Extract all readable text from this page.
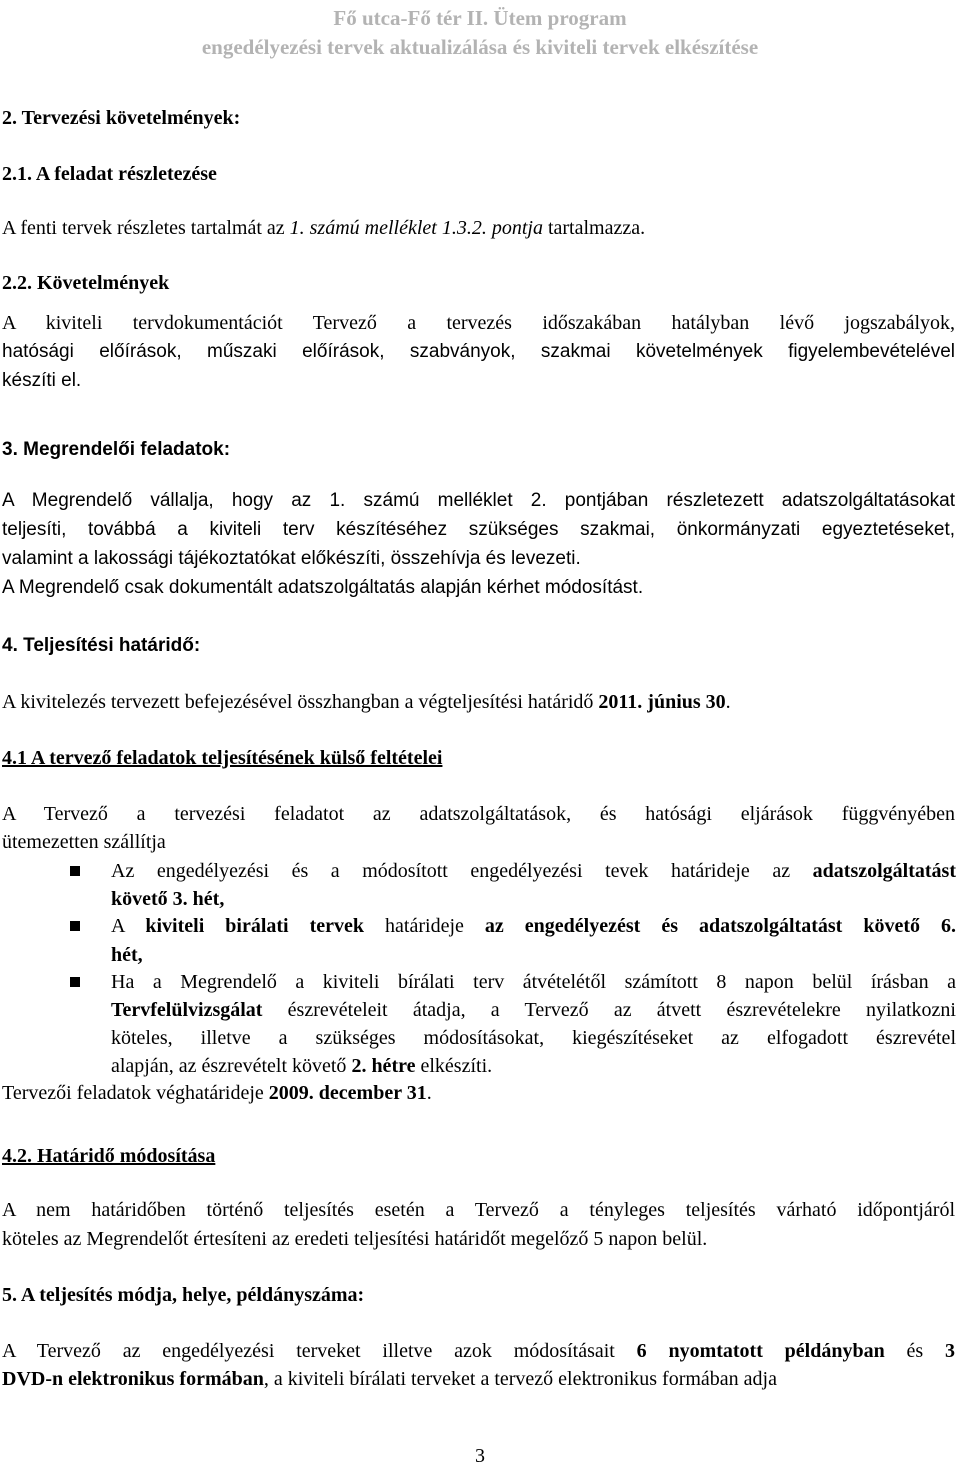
Fő utca-Fő tér II. Ütem program
engedélyezési tervek aktualizálása és kiviteli tervek elkészítése
2. Tervezési követelmények:
2.1. A feladat részletezése
A fenti tervek részletes tartalmát az 1. számú melléklet 1.3.2. pontja tartalmazza.
2.2. Követelmények
A kiviteli tervdokumentációt Tervező a tervezés időszakában hatályban lévő jogszabályok,
hatósági előírások, műszaki előírások, szabványok, szakmai követelmények figyelembevételével
készíti el.
3. Megrendelői feladatok:
A Megrendelő vállalja, hogy az 1. számú melléklet 2. pontjában részletezett adatszolgáltatásokat
teljesíti, továbbá a kiviteli terv készítéséhez szükséges szakmai, önkormányzati egyeztetéseket,
valamint a lakossági tájékoztatókat előkészíti, összehívja és levezeti.
A Megrendelő csak dokumentált adatszolgáltatás alapján kérhet módosítást.
4. Teljesítési határidő:
A kivitelezés tervezett befejezésével összhangban a végteljesítési határidő 2011. június 30.
4.1 A tervező feladatok teljesítésének külső feltételei
A Tervező a tervezési feladatot az adatszolgáltatások, és hatósági eljárások függvényében
ütemezetten szállítja
Az engedélyezési és a módosított engedélyezési tevek határideje az adatszolgáltatást
követő 3. hét,
A kiviteli birálati tervek határideje az engedélyezést és adatszolgáltatást követő 6.
hét,
Ha a Megrendelő a kiviteli bírálati terv átvételétől számított 8 napon belül írásban a
Tervfelülvizsgálat észrevételeit átadja, a Tervező az átvett észrevételekre nyilatkozni
köteles, illetve a szükséges módosításokat, kiegészítéseket az elfogadott észrevétel
alapján, az észrevételt követő 2. hétre elkészíti.
Tervezői feladatok véghatárideje 2009. december 31.
4.2. Határidő módosítása
A nem határidőben történő teljesítés esetén a Tervező a tényleges teljesítés várható időpontjáról
köteles az Megrendelőt értesíteni az eredeti teljesítési határidőt megelőző 5 napon belül.
5. A teljesítés módja, helye, példányszáma:
A Tervező az engedélyezési terveket illetve azok módosításait 6 nyomtatott példányban és 3
DVD-n elektronikus formában, a kiviteli bírálati terveket a tervező elektronikus formában adja
3
